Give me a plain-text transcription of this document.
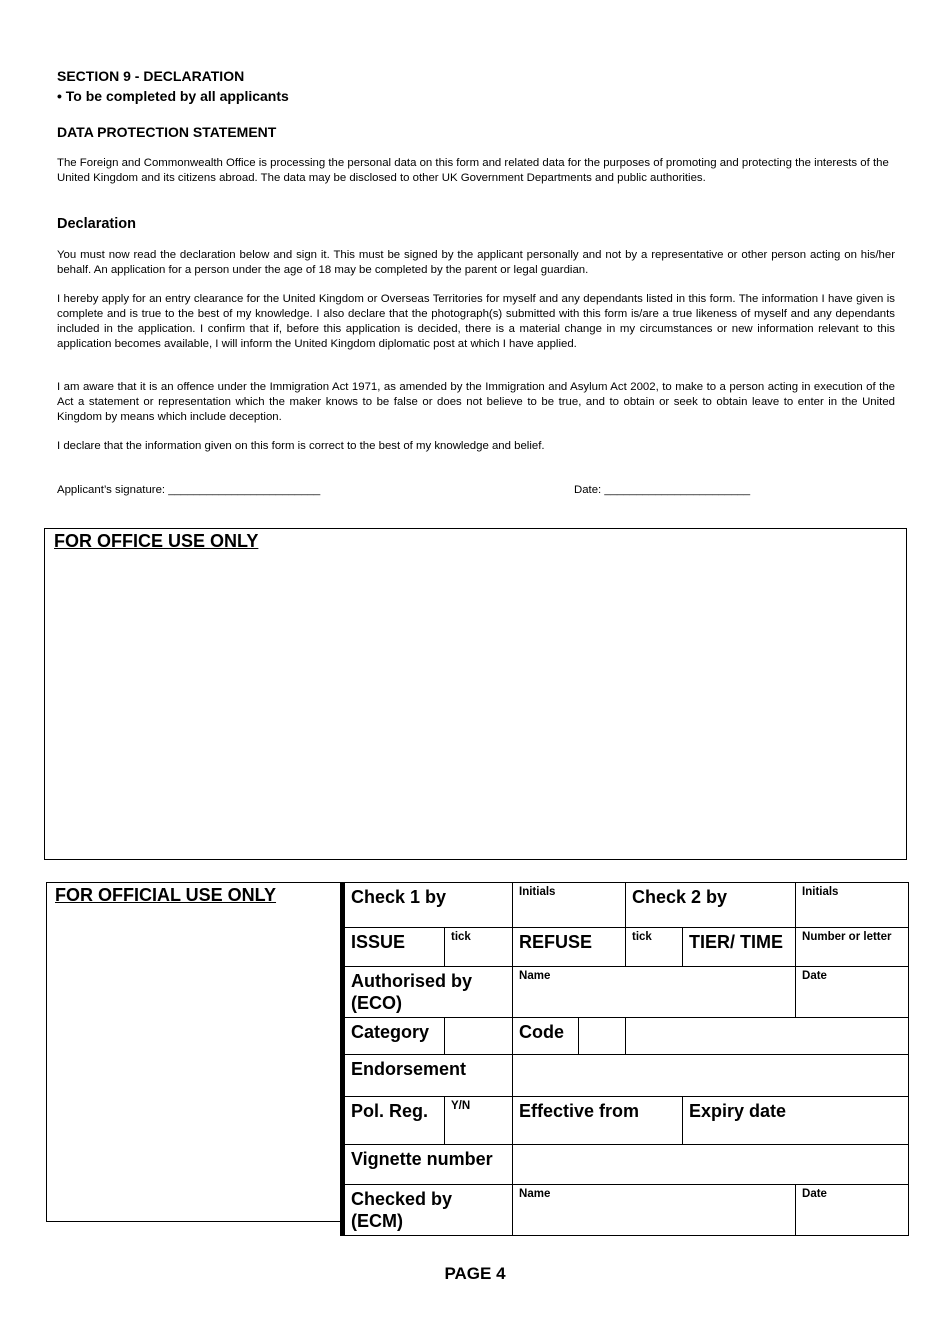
SECTION 9 - DECLARATION
• To be completed by all applicants
DATA PROTECTION STATEMENT
The Foreign and Commonwealth Office is processing the personal data on this form and related data for the purposes of promoting and protecting the interests of the United Kingdom and its citizens abroad. The data may be disclosed to other UK Government Departments and public authorities.
Declaration
You must now read the declaration below and sign it. This must be signed by the applicant personally and not by a representative or other person acting on his/her behalf. An application for a person under the age of 18 may be completed by the parent or legal guardian.
I hereby apply for an entry clearance for the United Kingdom or Overseas Territories for myself and any dependants listed in this form. The information I have given is complete and is true to the best of my knowledge. I also declare that the photograph(s) submitted with this form is/are a true likeness of myself and any dependants included in the application. I confirm that if, before this application is decided, there is a material change in my circumstances or new information relevant to this application becomes available, I will inform the United Kingdom diplomatic post at which I have applied.
I am aware that it is an offence under the Immigration Act 1971, as amended by the Immigration and Asylum Act 2002, to make to a person acting in execution of the Act a statement or representation which the maker knows to be false or does not believe to be true, and to obtain or seek to obtain leave to enter in the United Kingdom by means which include deception.
I declare that the information given on this form is correct to the best of my knowledge and belief.
Applicant’s signature: ________________________	Date: _______________________
FOR OFFICE USE ONLY
FOR OFFICIAL USE ONLY	Check 1 by		Initials		Check 2 by		Initials
ISSUE	tick	REFUSE		tick	TIER/ TIME	Number or letter
Authorised by (ECO)		Name				Date
Category		Code				
Endorsement						
Pol. Reg.	Y/N	Effective from			Expiry date	
Vignette number						
Checked by (ECM)		Name				Date
PAGE 4
